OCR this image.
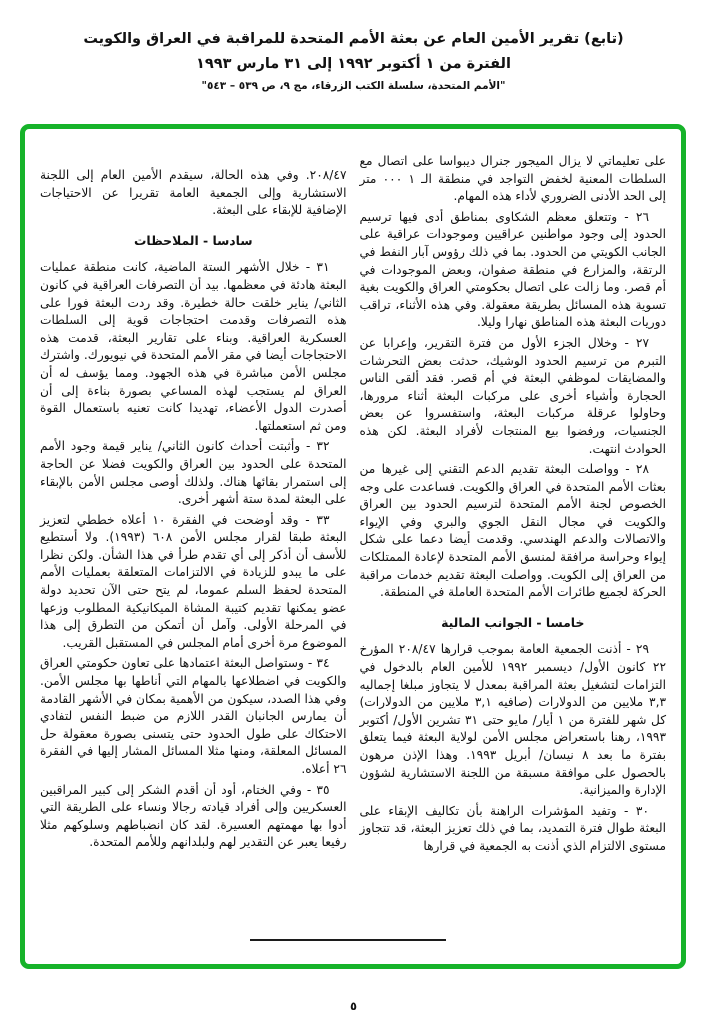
(تابع) تقرير الأمين العام عن بعثة الأمم المتحدة للمراقبة في العراق والكويت
الفترة من ١ أكتوبر ١٩٩٢ إلى ٣١ مارس ١٩٩٣
"الأمم المتحدة، سلسلة الكتب الزرقاء، مج ٩، ص ٥٣٩ – ٥٤٣"

على تعليماتي لا يزال الميجور جنرال ديبواسا على اتصال مع السلطات المعنية لخفض التواجد في منطقة الـ ١ ٠٠٠ متر إلى الحد الأدنى الضروري لأداء هذه المهام.

٢٦ - وتتعلق معظم الشكاوى بمناطق أدى فيها ترسيم الحدود إلى وجود مواطنين عراقيين وموجودات عراقية على الجانب الكويتي من الحدود. بما في ذلك رؤوس آبار النفط في الرتقة، والمزارع في منطقة صفوان، وبعض الموجودات في أم قصر. وما زالت على اتصال بحكومتي العراق والكويت بغية تسوية هذه المسائل بطريقة معقولة. وفي هذه الأثناء، تراقب دوريات البعثة هذه المناطق نهارا وليلا.

٢٧ - وخلال الجزء الأول من فترة التقرير، وإعرابا عن التبرم من ترسيم الحدود الوشيك، حدثت بعض التحرشات والمضايقات لموظفي البعثة في أم قصر. فقد ألقى الناس الحجارة وأشياء أخرى على مركبات البعثة أثناء مرورها، وحاولوا عرقلة مركبات البعثة، واستفسروا عن بعض الجنسيات، ورفضوا بيع المنتجات لأفراد البعثة. لكن هذه الحوادث انتهت.

٢٨ - وواصلت البعثة تقديم الدعم التقني إلى غيرها من بعثات الأمم المتحدة في العراق والكويت. فساعدت على وجه الخصوص لجنة الأمم المتحدة لترسيم الحدود بين العراق والكويت في مجال النقل الجوي والبري وفي الإيواء والاتصالات والدعم الهندسي. وقدمت أيضا دعما على شكل إيواء وحراسة مرافقة لمنسق الأمم المتحدة لإعادة الممتلكات من العراق إلى الكويت. وواصلت البعثة تقديم خدمات مراقبة الحركة لجميع طائرات الأمم المتحدة العاملة في المنطقة.

خامسا - الجوانب المالية

٢٩ - أذنت الجمعية العامة بموجب قرارها ٢٠٨/٤٧ المؤرخ ٢٢ كانون الأول/ ديسمبر ١٩٩٢ للأمين العام بالدخول في التزامات لتشغيل بعثة المراقبة بمعدل لا يتجاوز مبلغا إجماليه ٣,٣ ملايين من الدولارات (صافيه ٣,١ ملايين من الدولارات) كل شهر للفترة من ١ أيار/ مايو حتى ٣١ تشرين الأول/ أكتوبر ١٩٩٣، رهنا باستعراض مجلس الأمن لولاية البعثة فيما يتعلق بفترة ما بعد ٨ نيسان/ أبريل ١٩٩٣. وهذا الإذن مرهون بالحصول على موافقة مسبقة من اللجنة الاستشارية لشؤون الإدارة والميزانية.

٣٠ - وتفيد المؤشرات الراهنة بأن تكاليف الإبقاء على البعثة طوال فترة التمديد، بما في ذلك تعزيز البعثة، قد تتجاوز مستوى الالتزام الذي أذنت به الجمعية في قرارها

٢٠٨/٤٧. وفي هذه الحالة، سيقدم الأمين العام إلى اللجنة الاستشارية وإلى الجمعية العامة تقريرا عن الاحتياجات الإضافية للإبقاء على البعثة.

سادسا - الملاحظات

٣١ - خلال الأشهر الستة الماضية، كانت منطقة عمليات البعثة هادئة في معظمها. بيد أن التصرفات العراقية في كانون الثاني/ يناير خلقت حالة خطيرة. وقد ردت البعثة فورا على هذه التصرفات وقدمت احتجاجات قوية إلى السلطات العسكرية العراقية. وبناء على تقارير البعثة، قدمت هذه الاحتجاجات أيضا في مقر الأمم المتحدة في نيويورك. واشترك مجلس الأمن مباشرة في هذه الجهود. ومما يؤسف له أن العراق لم يستجب لهذه المساعي بصورة بناءة إلى أن أصدرت الدول الأعضاء، تهديدا كانت تعنيه باستعمال القوة ومن ثم استعملتها.

٣٢ - وأثبتت أحداث كانون الثاني/ يناير قيمة وجود الأمم المتحدة على الحدود بين العراق والكويت فضلا عن الحاجة إلى استمرار بقائها هناك. ولذلك أوصى مجلس الأمن بالإبقاء على البعثة لمدة ستة أشهر أخرى.

٣٣ - وقد أوضحت في الفقرة ١٠ أعلاه خططي لتعزيز البعثة طبقا لقرار مجلس الأمن ٦٠٨ (١٩٩٣). ولا أستطيع للأسف أن أذكر إلى أي تقدم طرأ في هذا الشأن. ولكن نظرا على ما يبدو للزيادة في الالتزامات المتعلقة بعمليات الأمم المتحدة لحفظ السلم عموما، لم يتح حتى الآن تحديد دولة عضو يمكنها تقديم كتيبة المشاة الميكانيكية المطلوب وزعها في المرحلة الأولى. وآمل أن أتمكن من التطرق إلى هذا الموضوع مرة أخرى أمام المجلس في المستقبل القريب.

٣٤ - وستواصل البعثة اعتمادها على تعاون حكومتي العراق والكويت في اضطلاعها بالمهام التي أناطها بها مجلس الأمن. وفي هذا الصدد، سيكون من الأهمية بمكان في الأشهر القادمة أن يمارس الجانبان القدر اللازم من ضبط النفس لتفادي الاحتكاك على طول الحدود حتى يتسنى بصورة معقولة حل المسائل المعلقة، ومنها مثلا المسائل المشار إليها في الفقرة ٢٦ أعلاه.

٣٥ - وفي الختام، أود أن أقدم الشكر إلى كبير المراقبين العسكريين وإلى أفراد قيادته رجالا ونساء على الطريقة التي أدوا بها مهمتهم العسيرة. لقد كان انضباطهم وسلوكهم مثلا رفيعا يعبر عن التقدير لهم ولبلدانهم وللأمم المتحدة.

٥
